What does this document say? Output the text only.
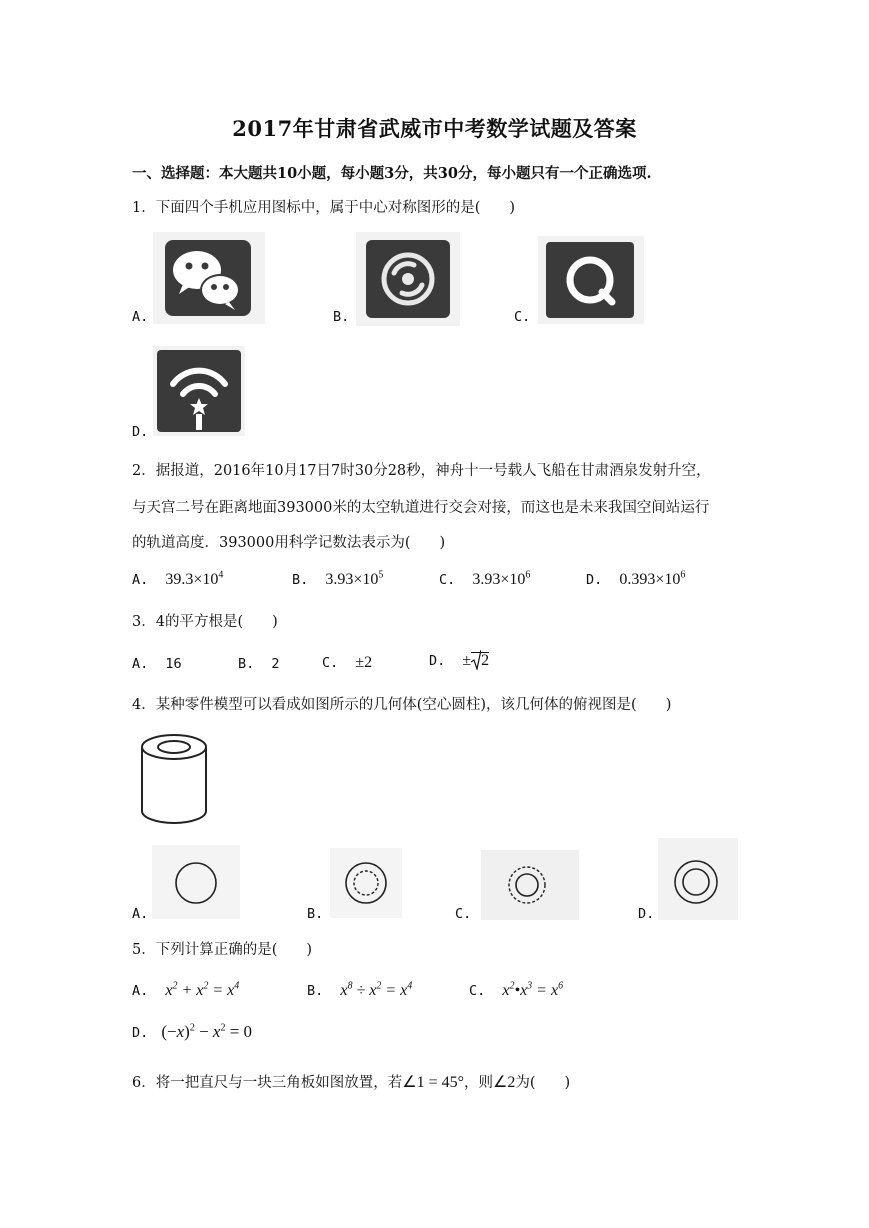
2017年甘肃省武威市中考数学试题及答案
一、选择题：本大题共10小题，每小题3分，共30分，每小题只有一个正确选项.
1．下面四个手机应用图标中，属于中心对称图形的是(　　)
A.	B.	C.
D.
2．据报道，2016年10月17日7时30分28秒，神舟十一号载人飞船在甘肃酒泉发射升空，
与天宫二号在距离地面393000米的太空轨道进行交会对接，而这也是未来我国空间站运行
的轨道高度．393000用科学记数法表示为(　　)
A. $39.3\times 10^4$	B. $3.93\times 10^5$	C. $3.93\times 10^6$	D. $0.393\times 10^6$
3．4的平方根是(　　)
A. 16	B. 2	C. ±2	D. ± 2
4．某种零件模型可以看成如图所示的几何体(空心圆柱)，该几何体的俯视图是(　　)
A.	B.	C.	D.
5．下列计算正确的是(　　)
A. $x^2 + x^2 = x^4$	B. $x^8 \div x^2 = x^4$	C. $x^2•x^3 = x^6$
D. $(-x)^2 - x^2 = 0$
6．将一把直尺与一块三角板如图放置，若∠1 = 45°，则∠2为(　　)
